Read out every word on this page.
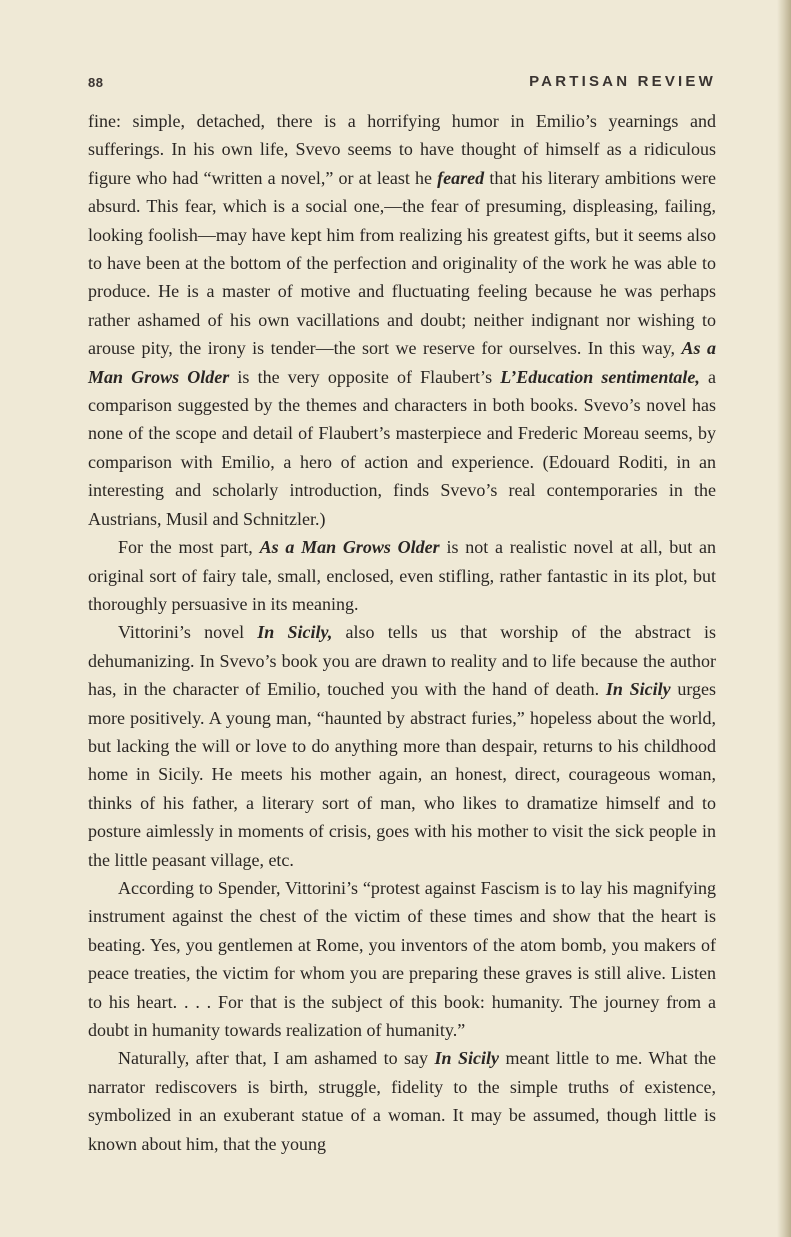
88	PARTISAN REVIEW

fine: simple, detached, there is a horrifying humor in Emilio’s yearnings and sufferings. In his own life, Svevo seems to have thought of himself as a ridiculous figure who had “written a novel,” or at least he feared that his literary ambitions were absurd. This fear, which is a social one,—the fear of presuming, displeasing, failing, looking foolish—may have kept him from realizing his greatest gifts, but it seems also to have been at the bottom of the perfection and originality of the work he was able to produce. He is a master of motive and fluctuating feeling because he was perhaps rather ashamed of his own vacillations and doubt; neither indignant nor wishing to arouse pity, the irony is tender—the sort we reserve for ourselves. In this way, As a Man Grows Older is the very opposite of Flaubert’s L’Education sentimentale, a comparison suggested by the themes and characters in both books. Svevo’s novel has none of the scope and detail of Flaubert’s masterpiece and Frederic Moreau seems, by comparison with Emilio, a hero of action and experience. (Edouard Roditi, in an interesting and scholarly introduction, finds Svevo’s real contemporaries in the Austrians, Musil and Schnitzler.)

For the most part, As a Man Grows Older is not a realistic novel at all, but an original sort of fairy tale, small, enclosed, even stifling, rather fantastic in its plot, but thoroughly persuasive in its meaning.

Vittorini’s novel In Sicily, also tells us that worship of the abstract is dehumanizing. In Svevo’s book you are drawn to reality and to life because the author has, in the character of Emilio, touched you with the hand of death. In Sicily urges more positively. A young man, “haunted by abstract furies,” hopeless about the world, but lacking the will or love to do anything more than despair, returns to his childhood home in Sicily. He meets his mother again, an honest, direct, courageous woman, thinks of his father, a literary sort of man, who likes to dramatize himself and to posture aimlessly in moments of crisis, goes with his mother to visit the sick people in the little peasant village, etc.

According to Spender, Vittorini’s “protest against Fascism is to lay his magnifying instrument against the chest of the victim of these times and show that the heart is beating. Yes, you gentlemen at Rome, you inventors of the atom bomb, you makers of peace treaties, the victim for whom you are preparing these graves is still alive. Listen to his heart. . . . For that is the subject of this book: humanity. The journey from a doubt in humanity towards realization of humanity.”

Naturally, after that, I am ashamed to say In Sicily meant little to me. What the narrator rediscovers is birth, struggle, fidelity to the simple truths of existence, symbolized in an exuberant statue of a woman. It may be assumed, though little is known about him, that the young
